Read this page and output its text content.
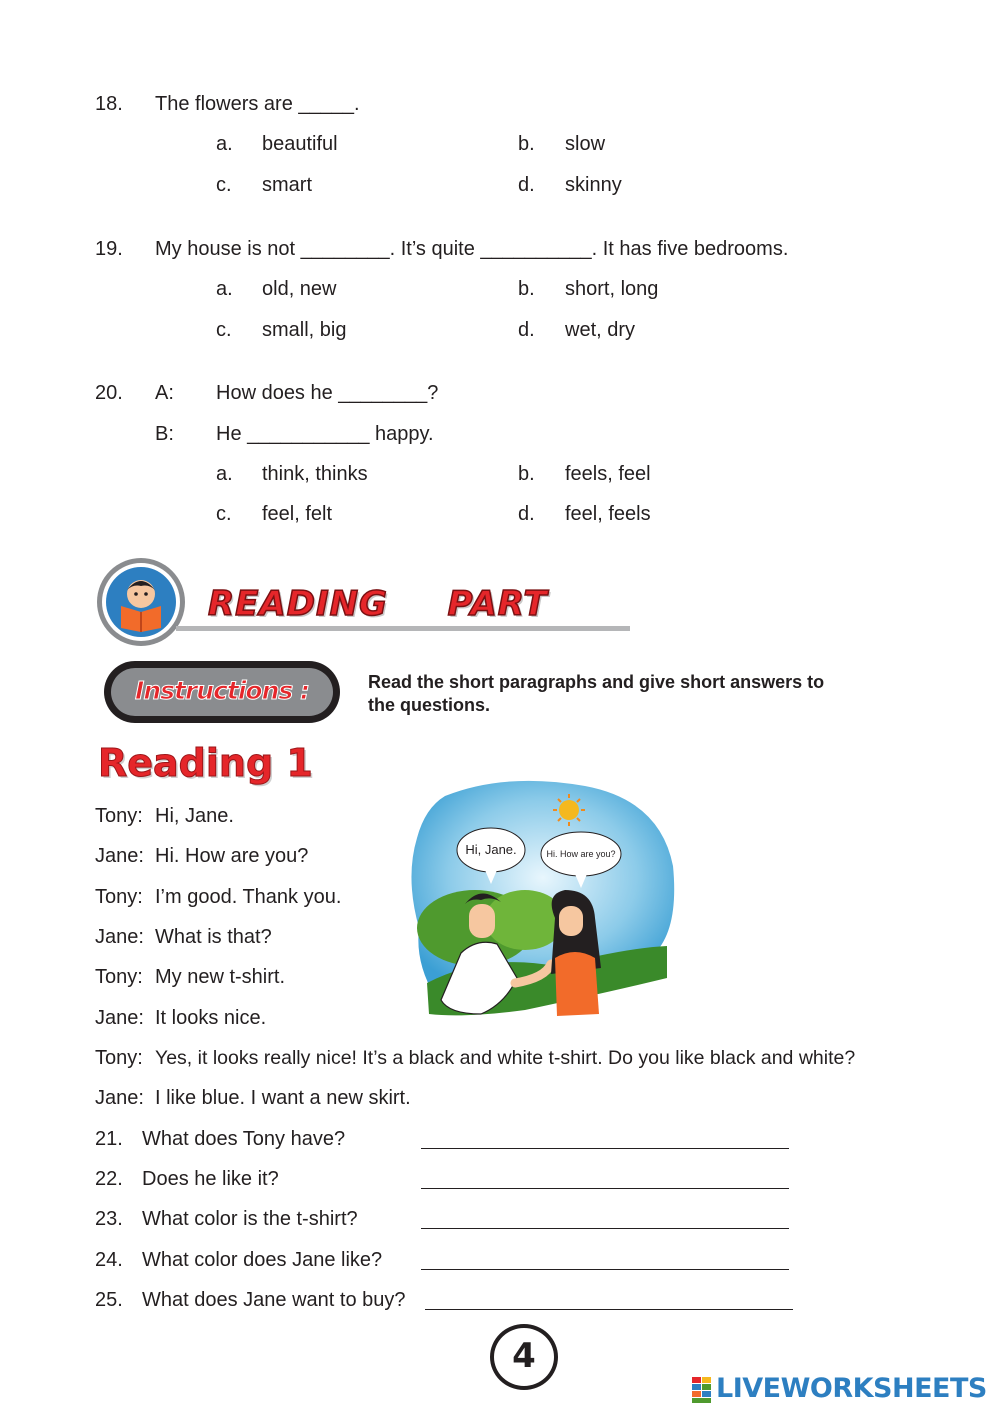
18. The flowers are _____.
a. beautiful	b. slow
c. smart	d. skinny
19. My house is not ________. It’s quite __________. It has five bedrooms.
a. old, new	b. short, long
c. small, big	d. wet, dry
20. A: How does he ________?
B: He ___________ happy.
a. think, thinks	b. feels, feel
c. feel, felt	d. feel, feels
READING PART
Instructions :	Read the short paragraphs and give short answers to
the questions.
Reading 1
Hi, Jane.	Hi. How are you?
Tony: Hi, Jane.
Jane: Hi. How are you?
Tony: I’m good. Thank you.
Jane: What is that?
Tony: My new t-shirt.
Jane: It looks nice.
Tony: Yes, it looks really nice! It’s a black and white t-shirt. Do you like black and white?
Jane: I like blue. I want a new skirt.
21. What does Tony have?
22. Does he like it?
23. What color is the t-shirt?
24. What color does Jane like?
25. What does Jane want to buy?
4
LIVEWORKSHEETS
